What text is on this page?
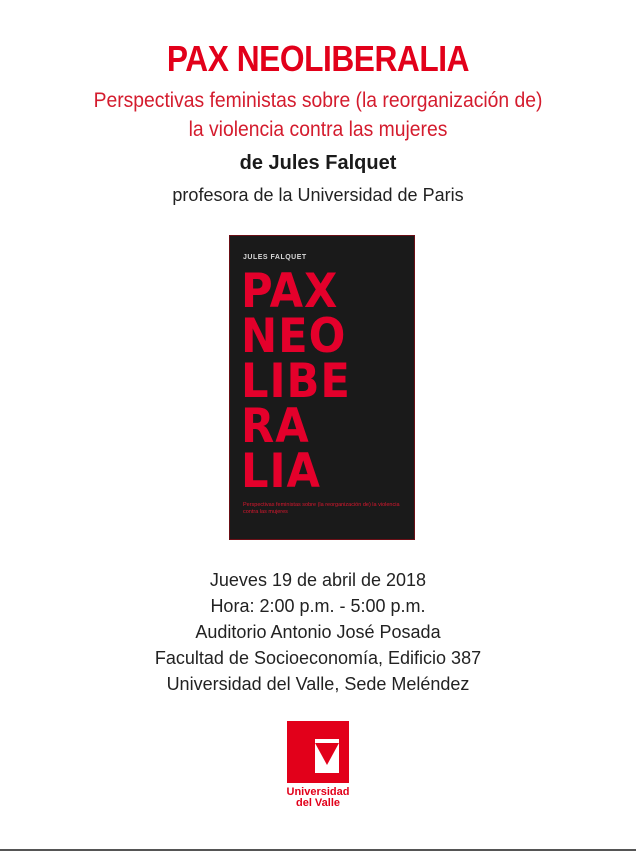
PAX NEOLIBERALIA
Perspectivas feministas sobre (la reorganización de)
la violencia contra las mujeres
de Jules Falquet
profesora de la Universidad de Paris
JULES FALQUET
PAX
NEO
LIBE
RA
LIA
Perspectivas feministas sobre (la reorganización de) la violencia contra las mujeres
Jueves 19 de abril de 2018
Hora: 2:00 p.m. - 5:00 p.m.
Auditorio Antonio José Posada
Facultad de Socioeconomía, Edificio 387
Universidad del Valle, Sede Meléndez
Universidad
del Valle
